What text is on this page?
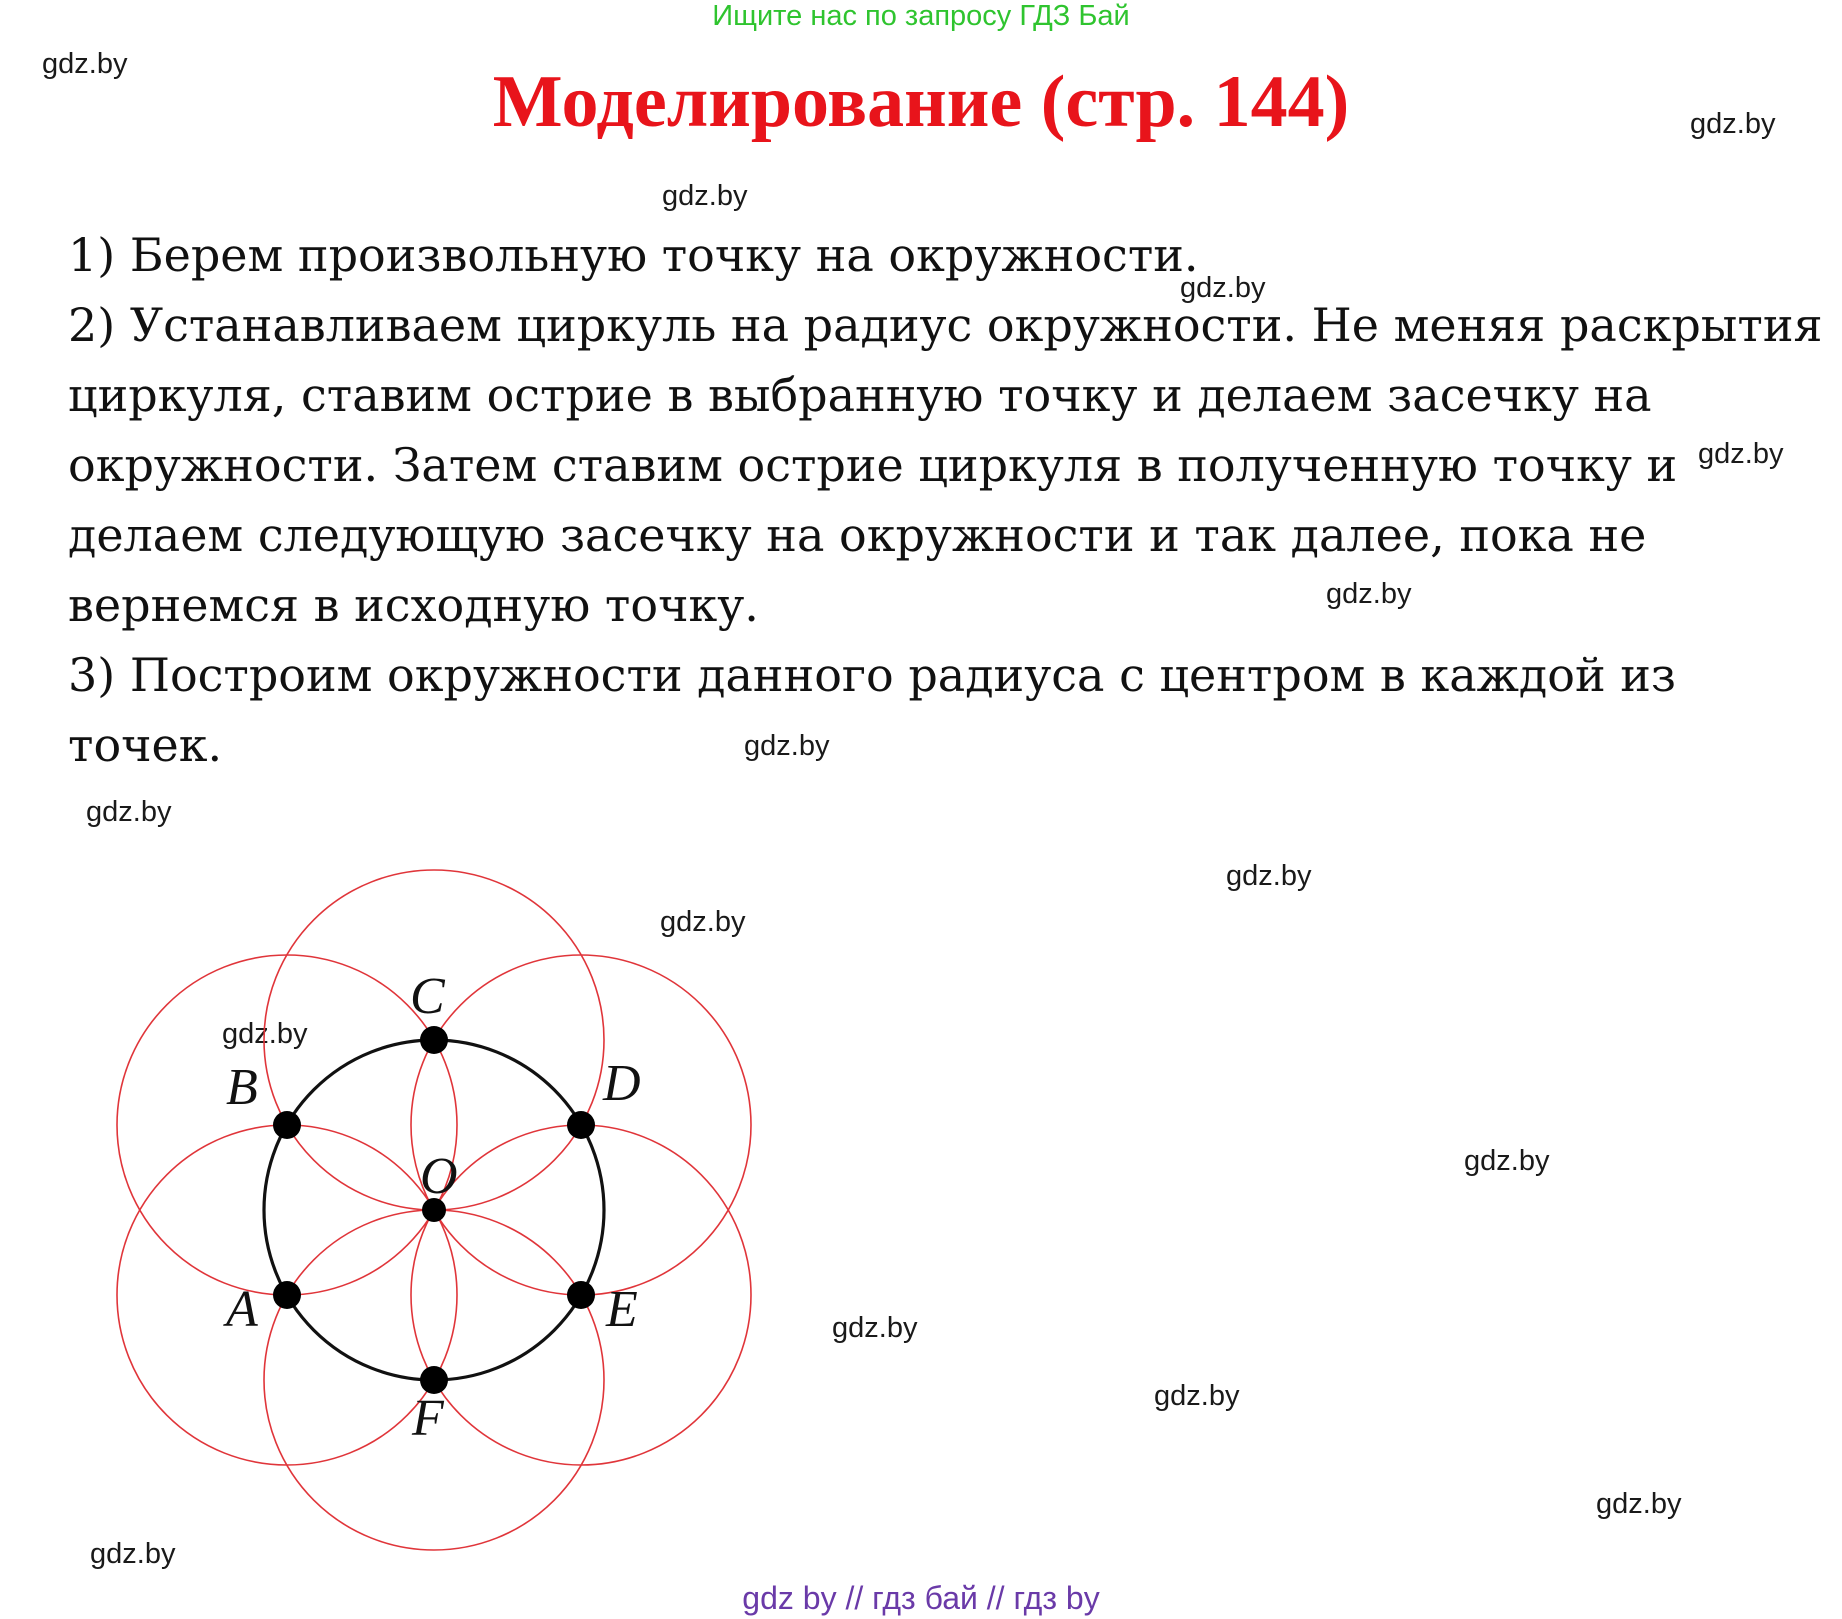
Ищите нас по запросу ГДЗ Бай
Моделирование (стр. 144)
gdz.by
gdz.by
gdz.by
gdz.by
gdz.by
gdz.by
gdz.by
gdz.by
gdz.by
gdz.by
gdz.by
gdz.by
gdz.by
gdz.by
gdz.by
gdz.by

1) Берем произвольную точку на окружности.

2) Устанавливаем циркуль на радиус окружности. Не меняя раскрытия циркуля, ставим острие в выбранную точку и делаем засечку на окружности. Затем ставим острие циркуля в полученную точку и делаем следующую засечку на окружности и так далее, пока не вернемся в исходную точку.

3) Построим окружности данного радиуса с центром в каждой из точек.

A
B
C
D
E
F
O
gdz by // гдз бай // гдз by
